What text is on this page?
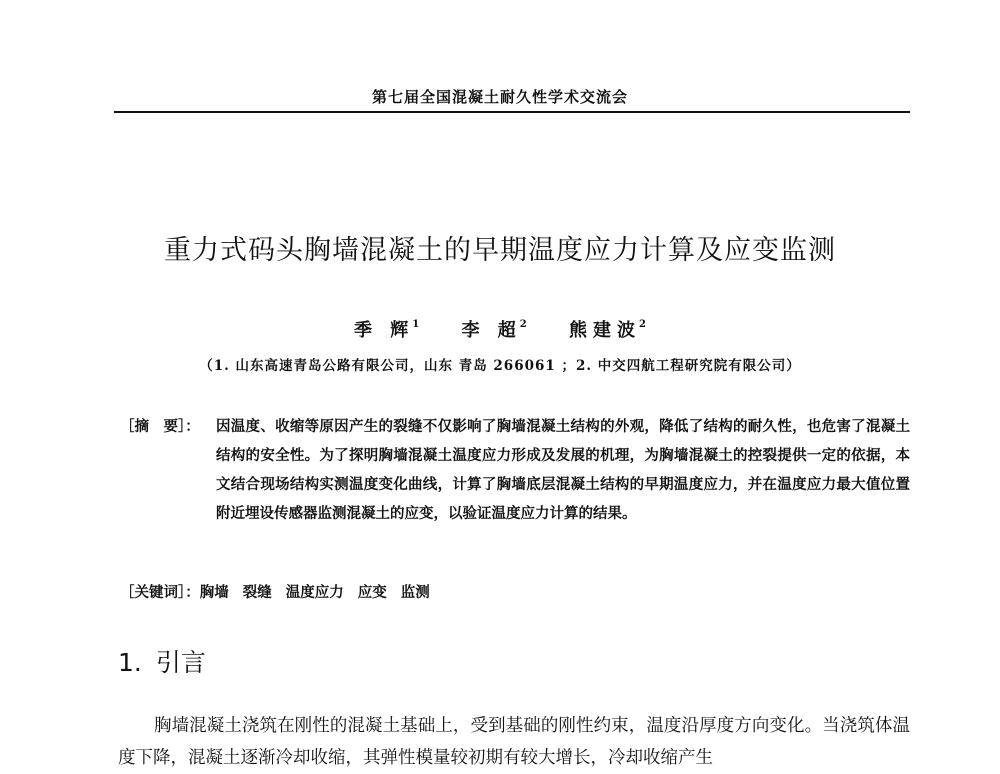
第七届全国混凝土耐久性学术交流会
重力式码头胸墙混凝土的早期温度应力计算及应变监测
季 辉$^1$ 李 超$^2$ 熊建波$^2$
（1. 山东高速青岛公路有限公司，山东 青岛 266061 ；2. 中交四航工程研究院有限公司）
［摘　要］： 因温度、收缩等原因产生的裂缝不仅影响了胸墙混凝土结构的外观，降低了结构的耐久性，也危害了混凝土结构的安全性。为了探明胸墙混凝土温度应力形成及发展的机理，为胸墙混凝土的控裂提供一定的依据，本文结合现场结构实测温度变化曲线，计算了胸墙底层混凝土结构的早期温度应力，并在温度应力最大值位置附近埋设传感器监测混凝土的应变，以验证温度应力计算的结果。
［关键词］：胸墙 裂缝 温度应力 应变 监测
1. 引言
胸墙混凝土浇筑在刚性的混凝土基础上，受到基础的刚性约束，温度沿厚度方向变化。当浇筑体温度下降，混凝土逐渐冷却收缩，其弹性模量较初期有较大增长，冷却收缩产生
